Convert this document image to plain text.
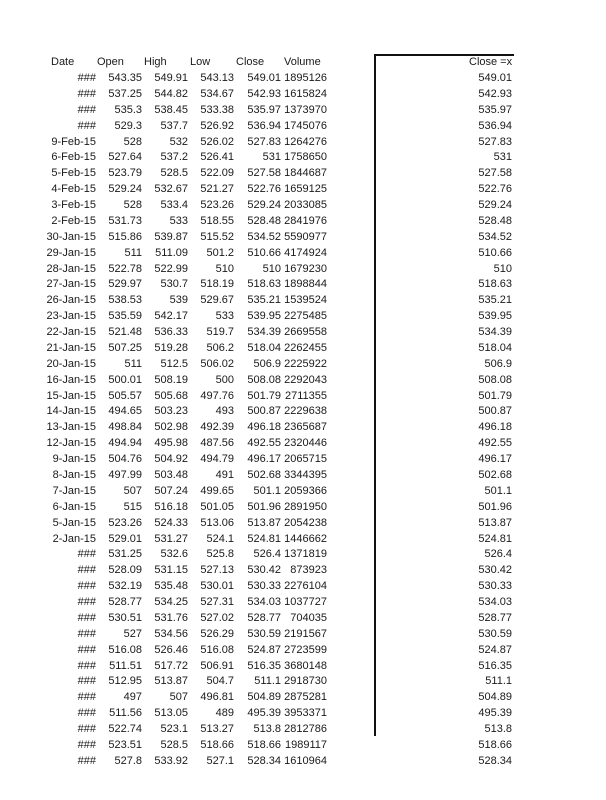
Date Open High Low Close Volume	Close =x
###	543.35	549.91	543.13	549.01 1895126	549.01
###	537.25	544.82	534.67	542.93 1615824	542.93
###	535.3	538.45	533.38	535.97 1373970	535.97
###	529.3	537.7	526.92	536.94 1745076	536.94
9-Feb-15	528	532	526.02	527.83 1264276	527.83
6-Feb-15	527.64	537.2	526.41	531 1758650	531
5-Feb-15	523.79	528.5	522.09	527.58 1844687	527.58
4-Feb-15	529.24	532.67	521.27	522.76 1659125	522.76
3-Feb-15	528	533.4	523.26	529.24 2033085	529.24
2-Feb-15	531.73	533	518.55	528.48 2841976	528.48
30-Jan-15	515.86	539.87	515.52	534.52 5590977	534.52
29-Jan-15	511	511.09	501.2	510.66 4174924	510.66
28-Jan-15	522.78	522.99	510	510 1679230	510
27-Jan-15	529.97	530.7	518.19	518.63 1898844	518.63
26-Jan-15	538.53	539	529.67	535.21 1539524	535.21
23-Jan-15	535.59	542.17	533	539.95 2275485	539.95
22-Jan-15	521.48	536.33	519.7	534.39 2669558	534.39
21-Jan-15	507.25	519.28	506.2	518.04 2262455	518.04
20-Jan-15	511	512.5	506.02	506.9 2225922	506.9
16-Jan-15	500.01	508.19	500	508.08 2292043	508.08
15-Jan-15	505.57	505.68	497.76	501.79 2711355	501.79
14-Jan-15	494.65	503.23	493	500.87 2229638	500.87
13-Jan-15	498.84	502.98	492.39	496.18 2365687	496.18
12-Jan-15	494.94	495.98	487.56	492.55 2320446	492.55
9-Jan-15	504.76	504.92	494.79	496.17 2065715	496.17
8-Jan-15	497.99	503.48	491	502.68 3344395	502.68
7-Jan-15	507	507.24	499.65	501.1 2059366	501.1
6-Jan-15	515	516.18	501.05	501.96 2891950	501.96
5-Jan-15	523.26	524.33	513.06	513.87 2054238	513.87
2-Jan-15	529.01	531.27	524.1	524.81 1446662	524.81
###	531.25	532.6	525.8	526.4 1371819	526.4
###	528.09	531.15	527.13	530.42 873923	530.42
###	532.19	535.48	530.01	530.33 2276104	530.33
###	528.77	534.25	527.31	534.03 1037727	534.03
###	530.51	531.76	527.02	528.77 704035	528.77
###	527	534.56	526.29	530.59 2191567	530.59
###	516.08	526.46	516.08	524.87 2723599	524.87
###	511.51	517.72	506.91	516.35 3680148	516.35
###	512.95	513.87	504.7	511.1 2918730	511.1
###	497	507	496.81	504.89 2875281	504.89
###	511.56	513.05	489	495.39 3953371	495.39
###	522.74	523.1	513.27	513.8 2812786	513.8
###	523.51	528.5	518.66	518.66 1989117	518.66
###	527.8	533.92	527.1	528.34 1610964	528.34
